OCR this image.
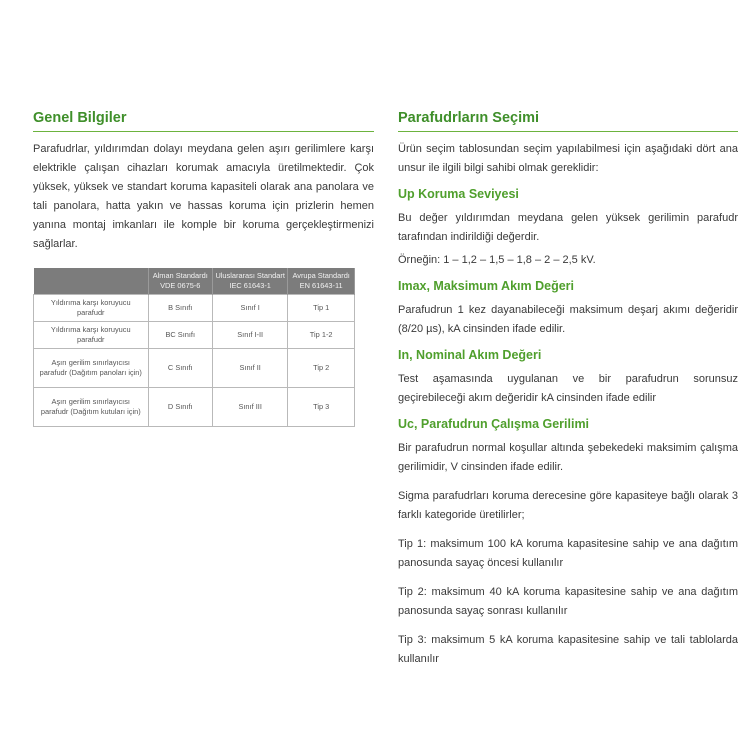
Genel Bilgiler

Parafudrlar, yıldırımdan dolayı meydana gelen aşırı gerilimlere karşı elektrikle çalışan cihazları korumak amacıyla üretilmektedir. Çok yüksek, yüksek ve standart koruma kapasiteli olarak ana panolara ve tali panolara, hatta yakın ve hassas koruma için prizlerin hemen yanına montaj imkanları ile komple bir koruma gerçekleştirmenizi sağlarlar.

	Alman Standardı VDE 0675-6	Uluslararası Standart IEC 61643-1	Avrupa Standardı EN 61643-11
Yıldırıma karşı koruyucu parafudr	B Sınıfı	Sınıf I	Tip 1
Yıldırıma karşı koruyucu parafudr	BC Sınıfı	Sınıf I-II	Tip 1-2
Aşırı gerilim sınırlayıcısı parafudr (Dağıtım panoları için)	C Sınıfı	Sınıf II	Tip 2
Aşırı gerilim sınırlayıcısı parafudr (Dağıtım kutuları için)	D Sınıfı	Sınıf III	Tip 3
Parafudrların Seçimi

Ürün seçim tablosundan seçim yapılabilmesi için aşağıdaki dört ana unsur ile ilgili bilgi sahibi olmak gereklidir:

Up Koruma Seviyesi

Bu değer yıldırımdan meydana gelen yüksek gerilimin parafudr tarafından indirildiği değerdir.

Örneğin: 1 – 1,2 – 1,5 – 1,8 – 2 – 2,5 kV.

Imax, Maksimum Akım Değeri

Parafudrun 1 kez dayanabileceği maksimum deşarj akımı değeridir (8/20 µs), kA cinsinden ifade edilir.

In, Nominal Akım Değeri

Test aşamasında uygulanan ve bir parafudrun sorunsuz geçirebileceği akım değeridir kA cinsinden ifade edilir

Uc, Parafudrun Çalışma Gerilimi

Bir parafudrun normal koşullar altında şebekedeki maksimim çalışma gerilimidir, V cinsinden ifade edilir.

Sigma parafudrları koruma derecesine göre kapasiteye bağlı olarak 3 farklı kategoride üretilirler;

Tip 1: maksimum 100 kA koruma kapasitesine sahip ve ana dağıtım panosunda sayaç öncesi kullanılır

Tip 2: maksimum 40 kA koruma kapasitesine sahip ve ana dağıtım panosunda sayaç sonrası kullanılır

Tip 3: maksimum 5 kA koruma kapasitesine sahip ve tali tablolarda kullanılır
